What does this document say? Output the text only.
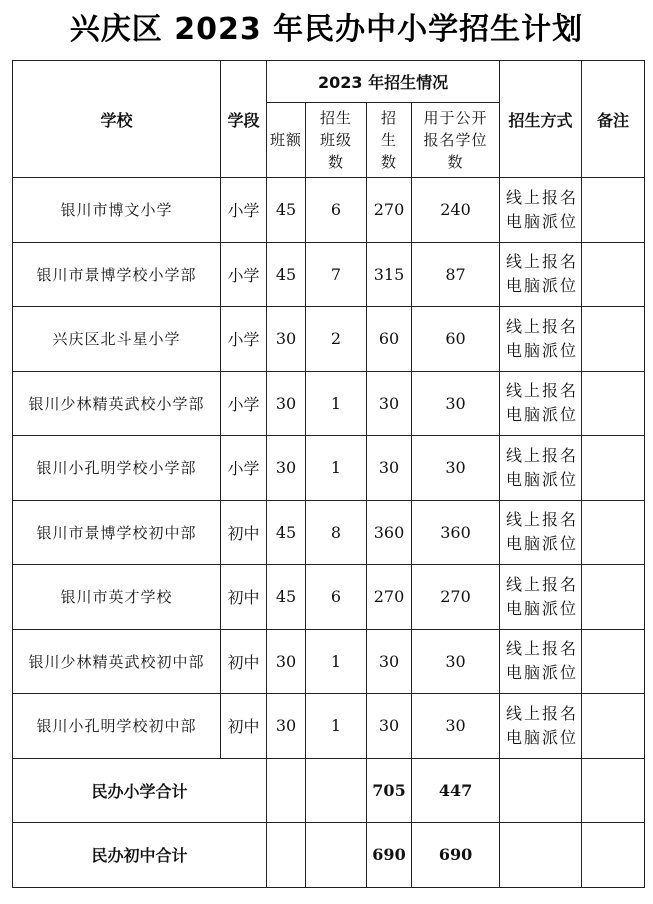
兴庆区 2023 年民办中小学招生计划
学校	学段	2023 年招生情况				招生方式	备注
		班额	招生班级数	招生数	用于公开报名学位数		
银川市博文小学	小学	45	6	270	240	线上报名电脑派位	
银川市景博学校小学部	小学	45	7	315	87	线上报名电脑派位	
兴庆区北斗星小学	小学	30	2	60	60	线上报名电脑派位	
银川少林精英武校小学部	小学	30	1	30	30	线上报名电脑派位	
银川小孔明学校小学部	小学	30	1	30	30	线上报名电脑派位	
银川市景博学校初中部	初中	45	8	360	360	线上报名电脑派位	
银川市英才学校	初中	45	6	270	270	线上报名电脑派位	
银川少林精英武校初中部	初中	30	1	30	30	线上报名电脑派位	
银川小孔明学校初中部	初中	30	1	30	30	线上报名电脑派位	
民办小学合计				705	447		
民办初中合计				690	690		
